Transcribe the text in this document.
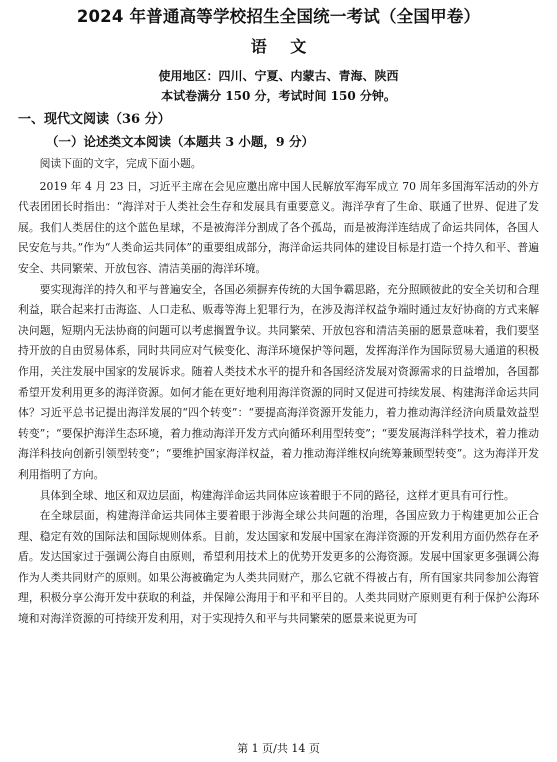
2024 年普通高等学校招生全国统一考试（全国甲卷）
语 文
使用地区：四川、宁夏、内蒙古、青海、陕西
本试卷满分 150 分，考试时间 150 分钟。
一、现代文阅读（36 分）
（一）论述类文本阅读（本题共 3 小题，9 分）

阅读下面的文字，完成下面小题。

2019 年 4 月 23 日，习近平主席在会见应邀出席中国人民解放军海军成立 70 周年多国海军活动的外方代表团团长时指出：“海洋对于人类社会生存和发展具有重要意义。海洋孕育了生命、联通了世界、促进了发展。我们人类居住的这个蓝色星球，不是被海洋分割成了各个孤岛，而是被海洋连结成了命运共同体，各国人民安危与共。”作为“人类命运共同体”的重要组成部分，海洋命运共同体的建设目标是打造一个持久和平、普遍安全、共同繁荣、开放包容、清洁美丽的海洋环境。

要实现海洋的持久和平与普遍安全，各国必须摒弃传统的大国争霸思路，充分照顾彼此的安全关切和合理利益，联合起来打击海盗、人口走私、贩毒等海上犯罪行为，在涉及海洋权益争端时通过友好协商的方式来解决问题，短期内无法协商的问题可以考虑搁置争议。共同繁荣、开放包容和清洁美丽的愿景意味着，我们要坚持开放的自由贸易体系，同时共同应对气候变化、海洋环境保护等问题，发挥海洋作为国际贸易大通道的积极作用，关注发展中国家的发展诉求。随着人类技术水平的提升和各国经济发展对资源需求的日益增加，各国都希望开发利用更多的海洋资源。如何才能在更好地利用海洋资源的同时又促进可持续发展、构建海洋命运共同体？习近平总书记提出海洋发展的“四个转变”：“要提高海洋资源开发能力，着力推动海洋经济向质量效益型转变”；“要保护海洋生态环境，着力推动海洋开发方式向循环利用型转变”；“要发展海洋科学技术，着力推动海洋科技向创新引领型转变”；“要维护国家海洋权益，着力推动海洋维权向统筹兼顾型转变”。这为海洋开发利用指明了方向。

具体到全球、地区和双边层面，构建海洋命运共同体应该着眼于不同的路径，这样才更具有可行性。

在全球层面，构建海洋命运共同体主要着眼于涉海全球公共问题的治理，各国应致力于构建更加公正合理、稳定有效的国际法和国际规则体系。目前，发达国家和发展中国家在海洋资源的开发利用方面仍然存在矛盾。发达国家过于强调公海自由原则，希望利用技术上的优势开发更多的公海资源。发展中国家更多强调公海作为人类共同财产的原则。如果公海被确定为人类共同财产，那么它就不得被占有，所有国家共同参加公海管理，积极分享公海开发中获取的利益，并保障公海用于和平和平目的。人类共同财产原则更有利于保护公海环境和对海洋资源的可持续开发利用，对于实现持久和平与共同繁荣的愿景来说更为可

第 1 页/共 14 页
